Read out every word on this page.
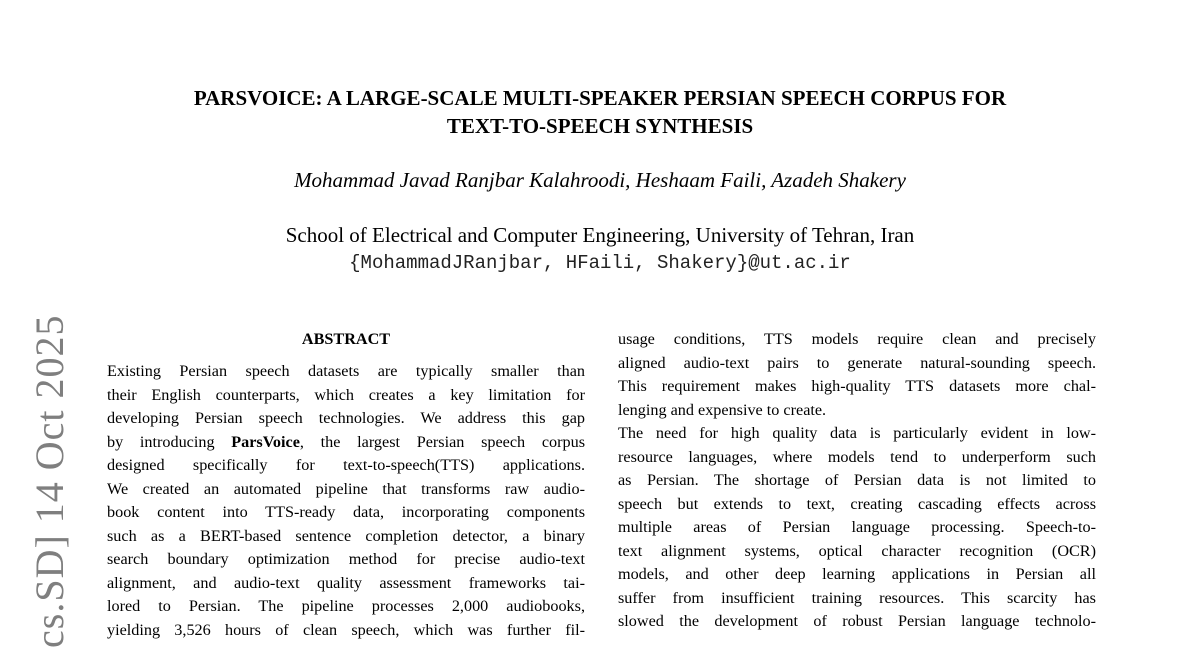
PARSVOICE: A LARGE-SCALE MULTI-SPEAKER PERSIAN SPEECH CORPUS FOR
TEXT-TO-SPEECH SYNTHESIS
Mohammad Javad Ranjbar Kalahroodi, Heshaam Faili, Azadeh Shakery
School of Electrical and Computer Engineering, University of Tehran, Iran
{MohammadJRanjbar, HFaili, Shakery}@ut.ac.ir
cs.SD] 14 Oct 2025	ABSTRACT
Existing Persian speech datasets are typically smaller than
their English counterparts, which creates a key limitation for
developing Persian speech technologies. We address this gap
by introducing ParsVoice, the largest Persian speech corpus
designed specifically for text-to-speech(TTS) applications.
We created an automated pipeline that transforms raw audio-
book content into TTS-ready data, incorporating components
such as a BERT-based sentence completion detector, a binary
search boundary optimization method for precise audio-text
alignment, and audio-text quality assessment frameworks tai-
lored to Persian. The pipeline processes 2,000 audiobooks,
yielding 3,526 hours of clean speech, which was further fil-
usage conditions, TTS models require clean and precisely
aligned audio-text pairs to generate natural-sounding speech.
This requirement makes high-quality TTS datasets more chal-
lenging and expensive to create.
The need for high quality data is particularly evident in low-
resource languages, where models tend to underperform such
as Persian. The shortage of Persian data is not limited to
speech but extends to text, creating cascading effects across
multiple areas of Persian language processing. Speech-to-
text alignment systems, optical character recognition (OCR)
models, and other deep learning applications in Persian all
suffer from insufficient training resources. This scarcity has
slowed the development of robust Persian language technolo-
